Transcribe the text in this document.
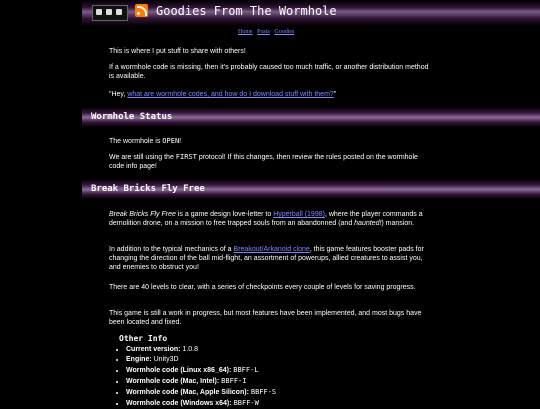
Goodies From The Wormhole
Home Posts Goodies

This is where I put stuff to share with others!

If a wormhole code is missing, then it's probably caused too much traffic, or another distribution method is available.

"Hey, what are wormhole codes, and how do I download stuff with them?"

Wormhole Status

The wormhole is OPEN!

We are still using the FIRST protocol! If this changes, then review the rules posted on the wormhole code info page!

Break Bricks Fly Free

Break Bricks Fly Free is a game design love-letter to Hyperball (1998), where the player commands a demolition drone, on a mission to free trapped souls from an abandonned (and haunted!) mansion.

In addition to the typical mechanics of a Breakout/Arkanoid clone, this game features booster pads for changing the direction of the ball mid-flight, an assortment of powerups, allied creatures to assist you, and enemies to obstruct you!

There are 40 levels to clear, with a series of checkpoints every couple of levels for saving progress.

This game is still a work in progress, but most features have been implemented, and most bugs have been located and fixed.

Other Info
• Current version: 1.0.8
• Engine: Unity3D
• Wormhole code (Linux x86_64): BBFF-L
• Wormhole code (Mac, Intel): BBFF-I
• Wormhole code (Mac, Apple Silicon): BBFF-S
• Wormhole code (Windows x64): BBFF-W
